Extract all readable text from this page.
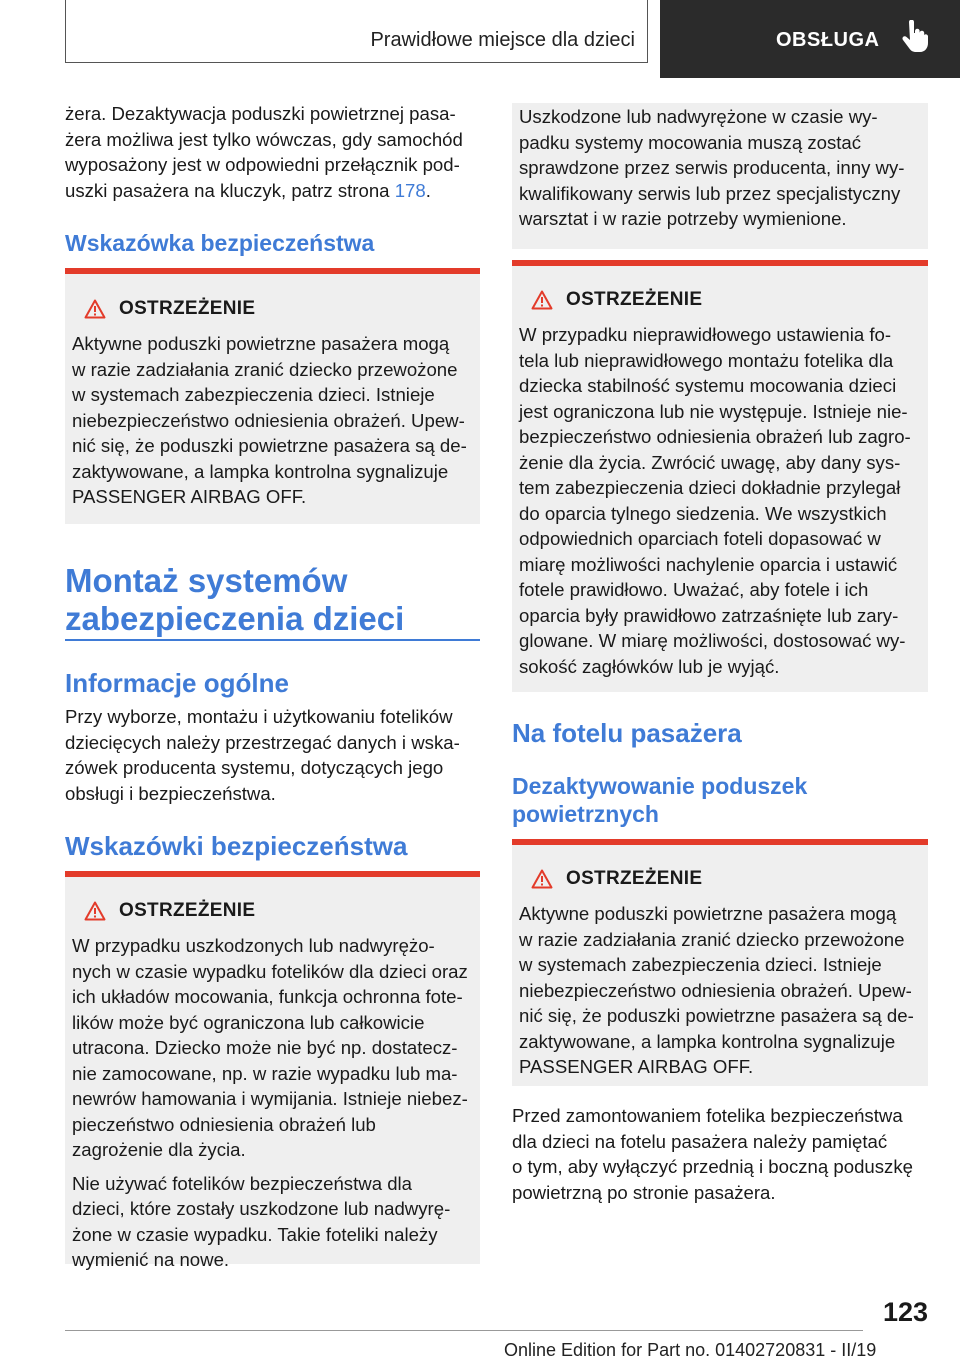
Prawidłowe miejsce dla dzieci	OBSŁUGA

żera. Dezaktywacja poduszki powietrznej pasa-

żera możliwa jest tylko wówczas, gdy samochód

wyposażony jest w odpowiedni przełącznik pod-

uszki pasażera na kluczyk, patrz strona 178.

Wskazówka bezpieczeństwa
OSTRZEŻENIE

Aktywne poduszki powietrzne pasażera mogą

w razie zadziałania zranić dziecko przewożone

w systemach zabezpieczenia dzieci. Istnieje

niebezpieczeństwo odniesienia obrażeń. Upew-

nić się, że poduszki powietrzne pasażera są de-

zaktywowane, a lampka kontrolna sygnalizuje

PASSENGER AIRBAG OFF.

Montaż systemów
zabezpieczenia dzieci
Informacje ogólne

Przy wyborze, montażu i użytkowaniu fotelików

dziecięcych należy przestrzegać danych i wska-

zówek producenta systemu, dotyczących jego

obsługi i bezpieczeństwa.

Wskazówki bezpieczeństwa
OSTRZEŻENIE

W przypadku uszkodzonych lub nadwyrężo-

nych w czasie wypadku fotelików dla dzieci oraz

ich układów mocowania, funkcja ochronna fote-

lików może być ograniczona lub całkowicie

utracona. Dziecko może nie być np. dostatecz-

nie zamocowane, np. w razie wypadku lub ma-

newrów hamowania i wymijania. Istnieje niebez-

pieczeństwo odniesienia obrażeń lub

zagrożenie dla życia.

Nie używać fotelików bezpieczeństwa dla

dzieci, które zostały uszkodzone lub nadwyrę-

żone w czasie wypadku. Takie foteliki należy

wymienić na nowe.

Uszkodzone lub nadwyrężone w czasie wy-

padku systemy mocowania muszą zostać

sprawdzone przez serwis producenta, inny wy-

kwalifikowany serwis lub przez specjalistyczny

warsztat i w razie potrzeby wymienione.

OSTRZEŻENIE

W przypadku nieprawidłowego ustawienia fo-

tela lub nieprawidłowego montażu fotelika dla

dziecka stabilność systemu mocowania dzieci

jest ograniczona lub nie występuje. Istnieje nie-

bezpieczeństwo odniesienia obrażeń lub zagro-

żenie dla życia. Zwrócić uwagę, aby dany sys-

tem zabezpieczenia dzieci dokładnie przylegał

do oparcia tylnego siedzenia. We wszystkich

odpowiednich oparciach foteli dopasować w

miarę możliwości nachylenie oparcia i ustawić

fotele prawidłowo. Uważać, aby fotele i ich

oparcia były prawidłowo zatrzaśnięte lub zary-

glowane. W miarę możliwości, dostosować wy-

sokość zagłówków lub je wyjąć.

Na fotelu pasażera
Dezaktywowanie poduszek
powietrznych
OSTRZEŻENIE

Aktywne poduszki powietrzne pasażera mogą

w razie zadziałania zranić dziecko przewożone

w systemach zabezpieczenia dzieci. Istnieje

niebezpieczeństwo odniesienia obrażeń. Upew-

nić się, że poduszki powietrzne pasażera są de-

zaktywowane, a lampka kontrolna sygnalizuje

PASSENGER AIRBAG OFF.

Przed zamontowaniem fotelika bezpieczeństwa

dla dzieci na fotelu pasażera należy pamiętać

o tym, aby wyłączyć przednią i boczną poduszkę

powietrzną po stronie pasażera.

123
Online Edition for Part no. 01402720831 - II/19
